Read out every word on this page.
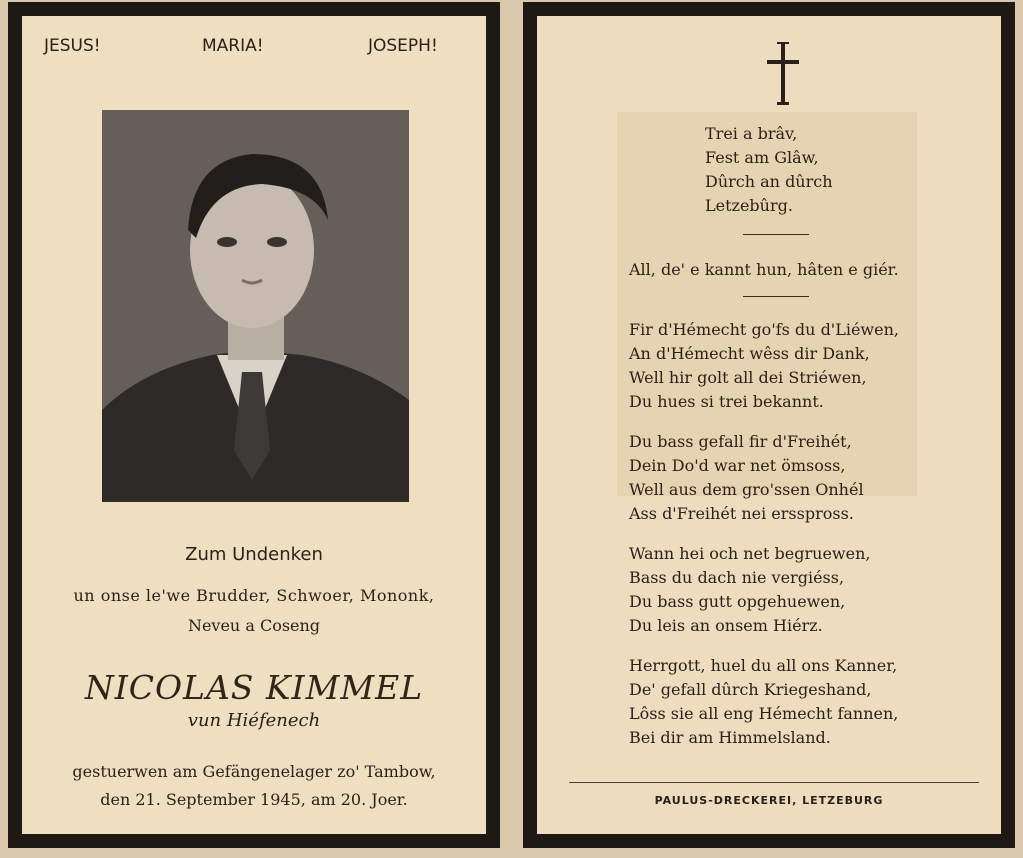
JESUS!	MARIA!	JOSEPH!
Zum Undenken
un onse le'we Brudder, Schwoer, Mononk,
Neveu a Coseng
NICOLAS KIMMEL
vun Hiéfenech
gestuerwen am Gefängenelager zo' Tambow,
den 21. September 1945, am 20. Joer.
Trei a brâv,
Fest am Glâw,
Dûrch an dûrch
Letzebûrg.
All, de' e kannt hun, hâten e giér.
Fir d'Hémecht go'fs du d'Liéwen,
An d'Hémecht wêss dir Dank,
Well hir golt all dei Striéwen,
Du hues si trei bekannt.
Du bass gefall fir d'Freihét,
Dein Do'd war net ömsoss,
Well aus dem gro'ssen Onhél
Ass d'Freihét nei ersspross.
Wann hei och net begruewen,
Bass du dach nie vergiéss,
Du bass gutt opgehuewen,
Du leis an onsem Hiérz.
Herrgott, huel du all ons Kanner,
De' gefall dûrch Kriegeshand,
Lôss sie all eng Hémecht fannen,
Bei dir am Himmelsland.
PAULUS-DRECKEREI, LETZEBURG
